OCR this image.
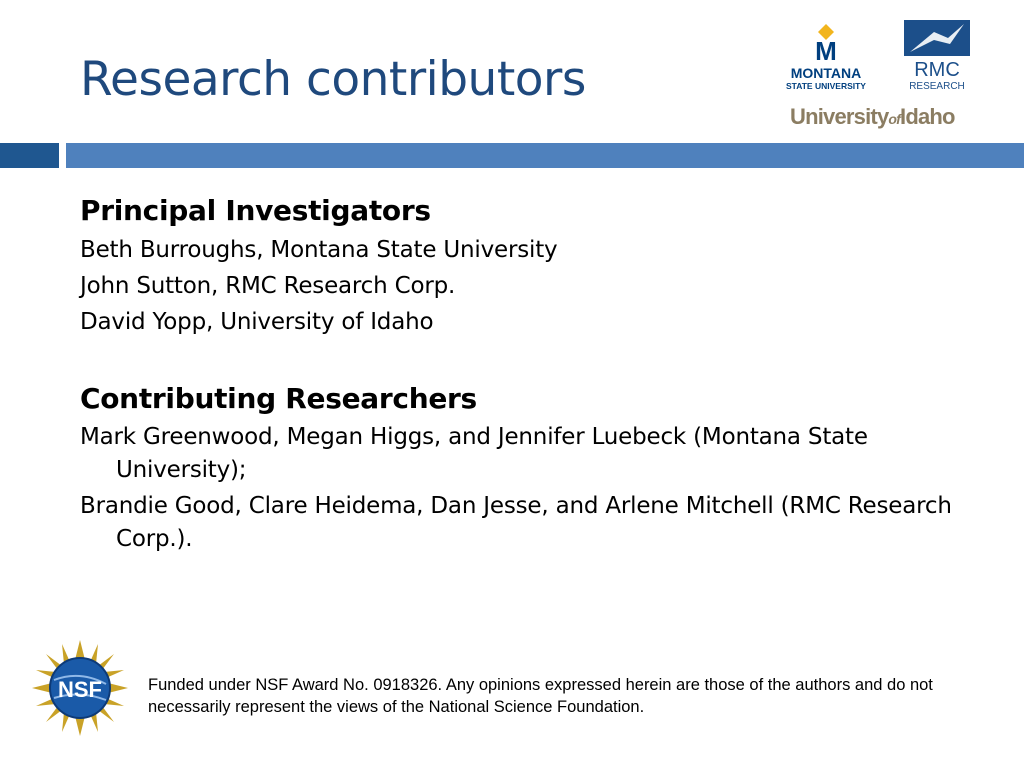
Research contributors
M
MONTANA
STATE UNIVERSITY
RMC
RESEARCH
UniversityofIdaho
Principal Investigators
Beth Burroughs, Montana State University
John Sutton, RMC Research Corp.
David Yopp, University of Idaho
Contributing Researchers
Mark Greenwood, Megan Higgs, and Jennifer Luebeck (Montana State University);
Brandie Good, Clare Heidema, Dan Jesse, and Arlene Mitchell (RMC Research Corp.).
NSF	Funded under NSF Award No. 0918326. Any opinions expressed herein are those of the authors and do not necessarily represent the views of the National Science Foundation.
